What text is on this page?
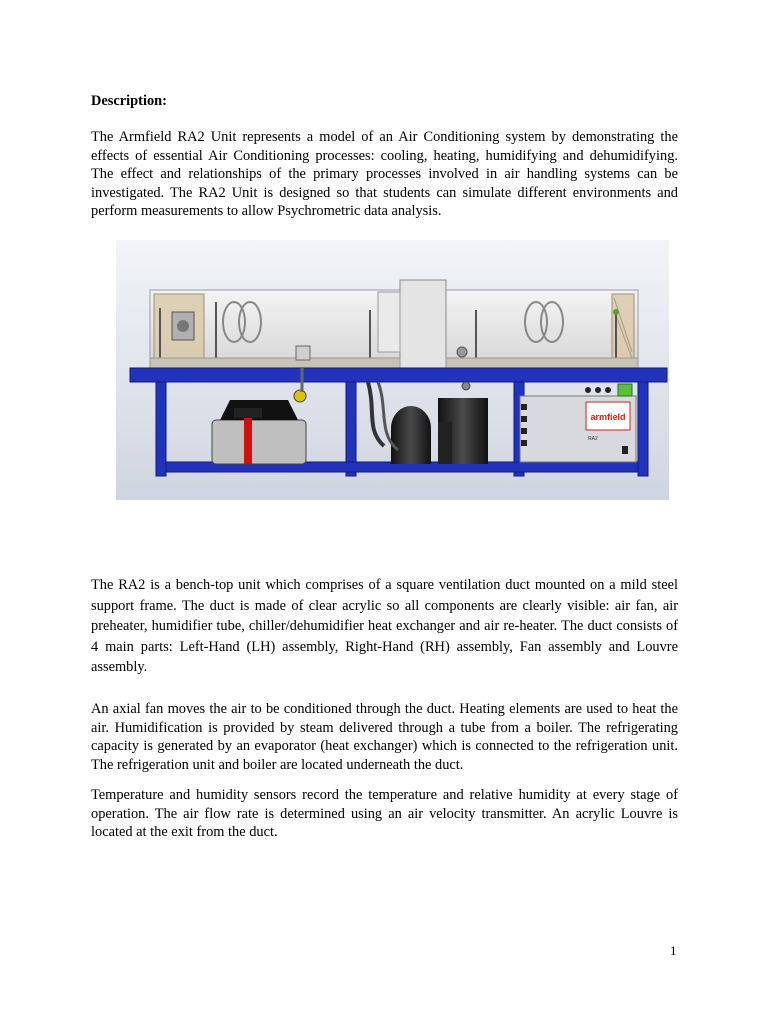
Description:

The Armfield RA2 Unit represents a model of an Air Conditioning system by demonstrating the effects of essential Air Conditioning processes: cooling, heating, humidifying and dehumidifying. The effect and relationships of the primary processes involved in air handling systems can be investigated. The RA2 Unit is designed so that students can simulate different environments and perform measurements to allow Psychrometric data analysis.

armfield
RA2

The RA2 is a bench-top unit which comprises of a square ventilation duct mounted on a mild steel support frame. The duct is made of clear acrylic so all components are clearly visible: air fan, air preheater, humidifier tube, chiller/dehumidifier heat exchanger and air re-heater. The duct consists of 4 main parts: Left-Hand (LH) assembly, Right-Hand (RH) assembly, Fan assembly and Louvre assembly.

An axial fan moves the air to be conditioned through the duct. Heating elements are used to heat the air. Humidification is provided by steam delivered through a tube from a boiler. The refrigerating capacity is generated by an evaporator (heat exchanger) which is connected to the refrigeration unit. The refrigeration unit and boiler are located underneath the duct.

Temperature and humidity sensors record the temperature and relative humidity at every stage of operation. The air flow rate is determined using an air velocity transmitter. An acrylic Louvre is located at the exit from the duct.

1
